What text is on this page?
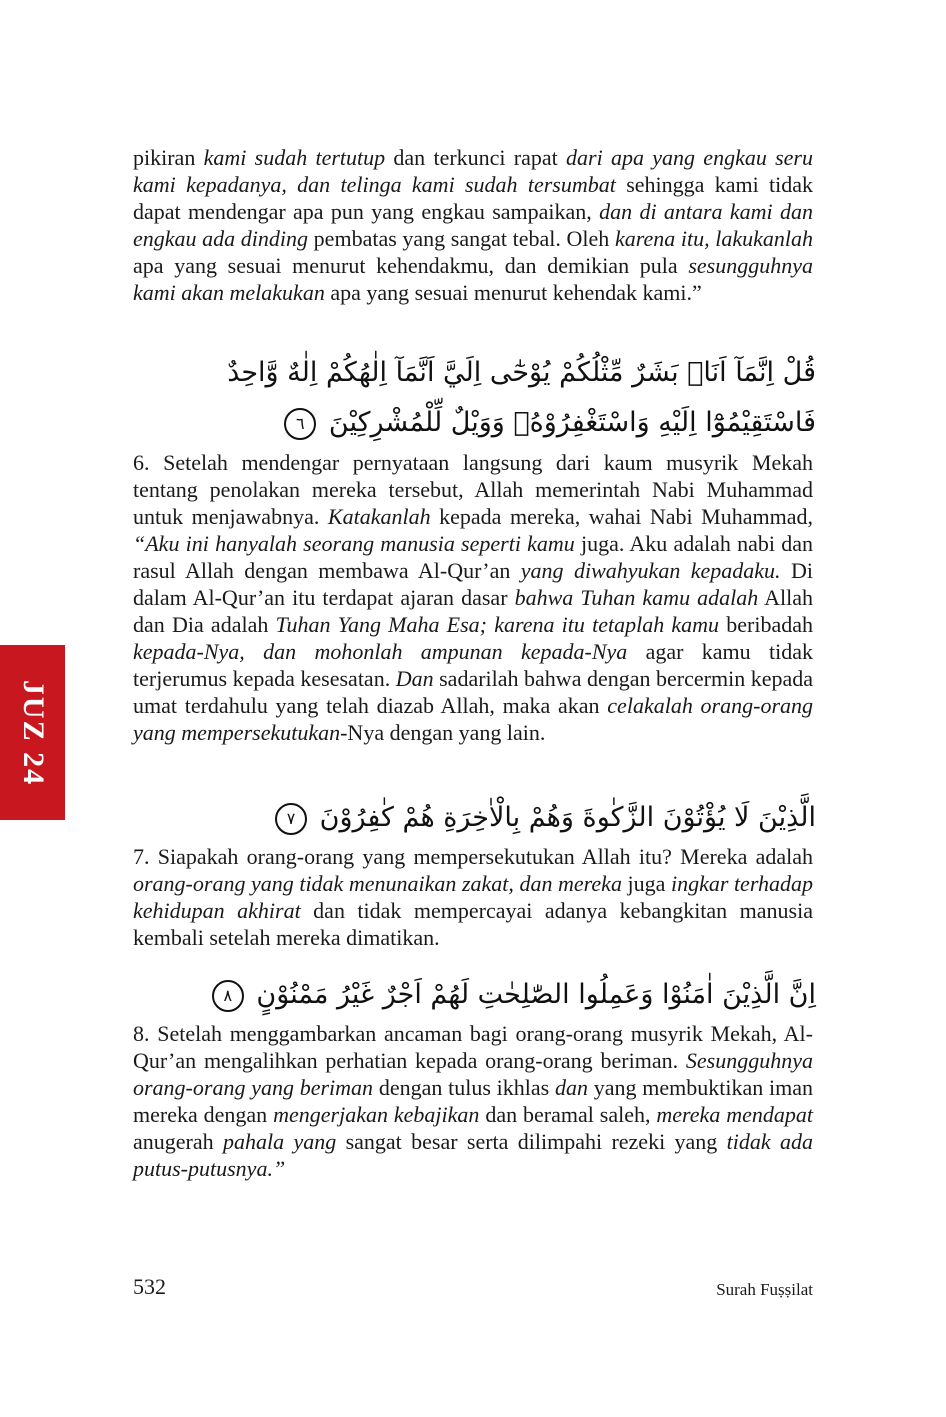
pikiran kami sudah tertutup dan terkunci rapat dari apa yang engkau seru kami kepadanya, dan telinga kami sudah tersumbat sehingga kami tidak dapat mendengar apa pun yang engkau sampaikan, dan di antara kami dan engkau ada dinding pembatas yang sangat tebal. Oleh karena itu, lakukanlah apa yang sesuai menurut kehendakmu, dan demikian pula sesungguhnya kami akan melakukan apa yang sesuai menurut kehendak kami.”
قُلْ اِنَّمَآ اَنَا۠ بَشَرٌ مِّثْلُكُمْ يُوْحٰٓى اِلَيَّ اَنَّمَآ اِلٰهُكُمْ اِلٰهٌ وَّاحِدٌ فَاسْتَقِيْمُوْٓا اِلَيْهِ وَاسْتَغْفِرُوْهُۗ وَوَيْلٌ لِّلْمُشْرِكِيْنَ ٦
6. Setelah mendengar pernyataan langsung dari kaum musyrik Mekah tentang penolakan mereka tersebut, Allah memerintah Nabi Muhammad untuk menjawabnya. Katakanlah kepada mereka, wahai Nabi Muhammad, “Aku ini hanyalah seorang manusia seperti kamu juga. Aku adalah nabi dan rasul Allah dengan membawa Al-Qur’an yang diwahyukan kepadaku. Di dalam Al-Qur’an itu terdapat ajaran dasar bahwa Tuhan kamu adalah Allah dan Dia adalah Tuhan Yang Maha Esa; karena itu tetaplah kamu beribadah kepada-Nya, dan mohonlah ampunan kepada-Nya agar kamu tidak terjerumus kepada kesesatan. Dan sadarilah bahwa dengan bercermin kepada umat terdahulu yang telah diazab Allah, maka akan celakalah orang-orang yang mempersekutukan-Nya dengan yang lain.
الَّذِيْنَ لَا يُؤْتُوْنَ الزَّكٰوةَ وَهُمْ بِالْاٰخِرَةِ هُمْ كٰفِرُوْنَ ٧
7. Siapakah orang-orang yang mempersekutukan Allah itu? Mereka adalah orang-orang yang tidak menunaikan zakat, dan mereka juga ingkar terhadap kehidupan akhirat dan tidak mempercayai adanya kebangkitan manusia kembali setelah mereka dimatikan.
اِنَّ الَّذِيْنَ اٰمَنُوْا وَعَمِلُوا الصّٰلِحٰتِ لَهُمْ اَجْرٌ غَيْرُ مَمْنُوْنٍ ٨
8. Setelah menggambarkan ancaman bagi orang-orang musyrik Mekah, Al-Qur’an mengalihkan perhatian kepada orang-orang beriman. Sesungguhnya orang-orang yang beriman dengan tulus ikhlas dan yang membuktikan iman mereka dengan mengerjakan kebajikan dan beramal saleh, mereka mendapat anugerah pahala yang sangat besar serta dilimpahi rezeki yang tidak ada putus-putusnya.”
JUZ 24
532	Surah Fuṣṣilat
